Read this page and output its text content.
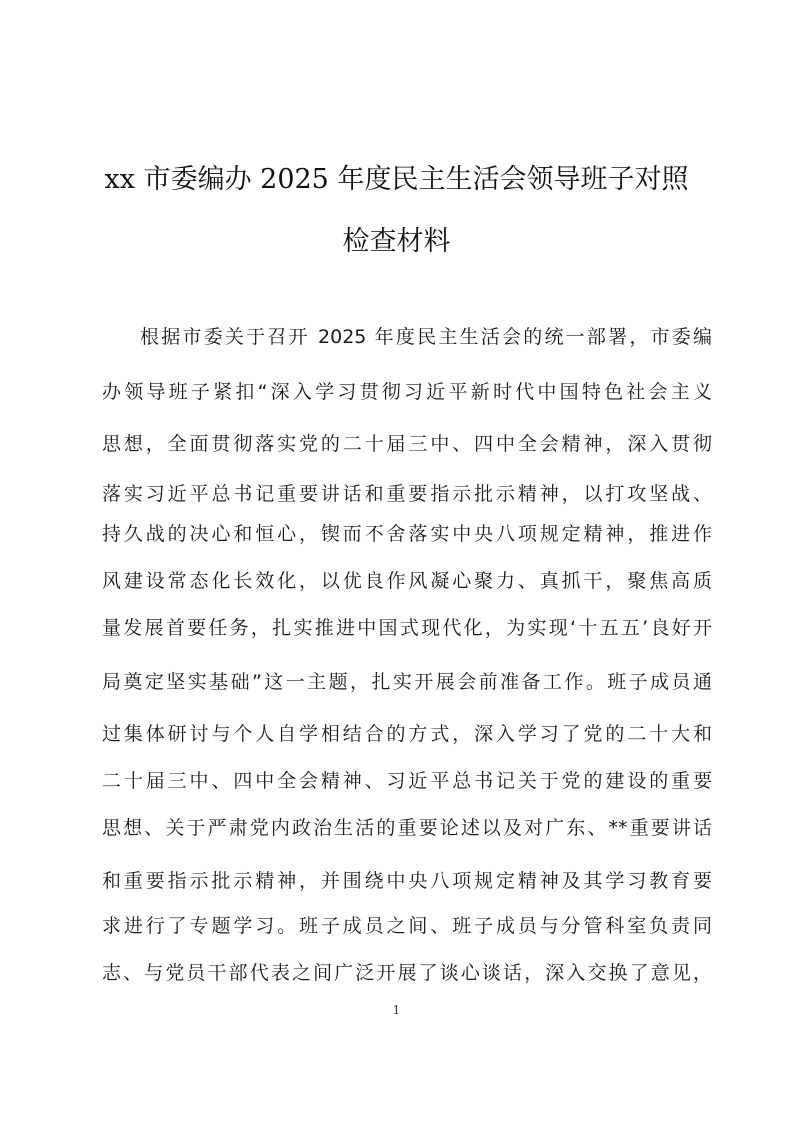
xx 市委编办 2025 年度民主生活会领导班子对照
检查材料
根据市委关于召开 2025 年度民主生活会的统一部署，市委编
办领导班子紧扣“深入学习贯彻习近平新时代中国特色社会主义
思想，全面贯彻落实党的二十届三中、四中全会精神，深入贯彻
落实习近平总书记重要讲话和重要指示批示精神，以打攻坚战、
持久战的决心和恒心，锲而不舍落实中央八项规定精神，推进作
风建设常态化长效化，以优良作风凝心聚力、真抓干，聚焦高质
量发展首要任务，扎实推进中国式现代化，为实现‘十五五’良好开
局奠定坚实基础”这一主题，扎实开展会前准备工作。班子成员通
过集体研讨与个人自学相结合的方式，深入学习了党的二十大和
二十届三中、四中全会精神、习近平总书记关于党的建设的重要
思想、关于严肃党内政治生活的重要论述以及对广东、**重要讲话
和重要指示批示精神，并围绕中央八项规定精神及其学习教育要
求进行了专题学习。班子成员之间、班子成员与分管科室负责同
志、与党员干部代表之间广泛开展了谈心谈话，深入交换了意见，
1
